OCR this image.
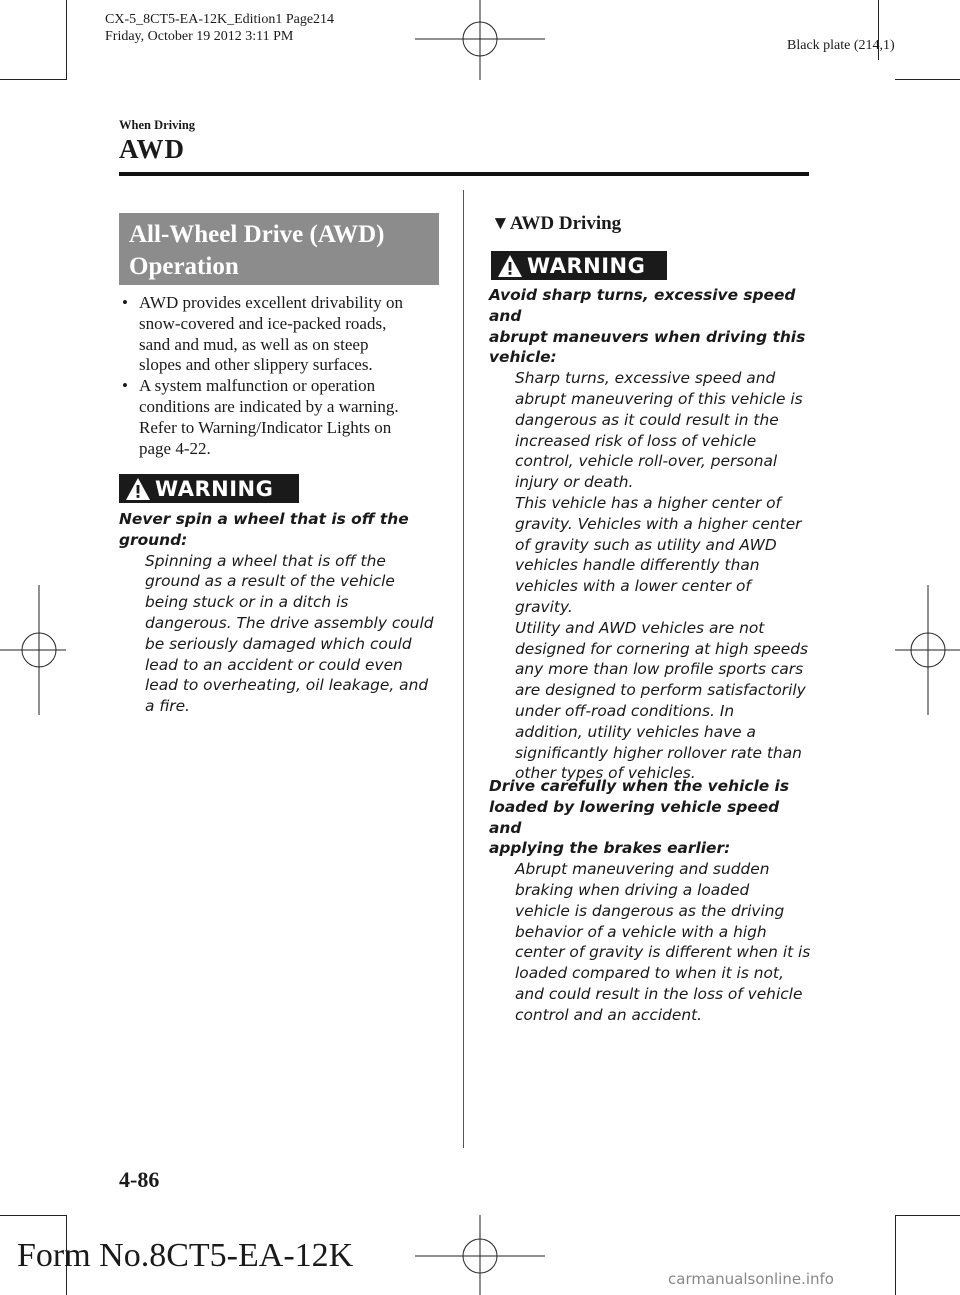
CX-5_8CT5-EA-12K_Edition1 Page214
Friday, October 19 2012 3:11 PM
Black plate (214,1)
When Driving
AWD
All-Wheel Drive (AWD)
Operation
• AWD provides excellent drivability on
snow-covered and ice-packed roads,
sand and mud, as well as on steep
slopes and other slippery surfaces.
• A system malfunction or operation
conditions are indicated by a warning.
Refer to Warning/Indicator Lights on
page 4-22.
WARNING
Never spin a wheel that is off the
ground:
Spinning a wheel that is off the
ground as a result of the vehicle
being stuck or in a ditch is
dangerous. The drive assembly could
be seriously damaged which could
lead to an accident or could even
lead to overheating, oil leakage, and
a fire.
▼AWD Driving
WARNING
Avoid sharp turns, excessive speed and
abrupt maneuvers when driving this
vehicle:
Sharp turns, excessive speed and
abrupt maneuvering of this vehicle is
dangerous as it could result in the
increased risk of loss of vehicle
control, vehicle roll-over, personal
injury or death.
This vehicle has a higher center of
gravity. Vehicles with a higher center
of gravity such as utility and AWD
vehicles handle differently than
vehicles with a lower center of
gravity.
Utility and AWD vehicles are not
designed for cornering at high speeds
any more than low profile sports cars
are designed to perform satisfactorily
under off-road conditions. In
addition, utility vehicles have a
significantly higher rollover rate than
other types of vehicles.
Drive carefully when the vehicle is
loaded by lowering vehicle speed and
applying the brakes earlier:
Abrupt maneuvering and sudden
braking when driving a loaded
vehicle is dangerous as the driving
behavior of a vehicle with a high
center of gravity is different when it is
loaded compared to when it is not,
and could result in the loss of vehicle
control and an accident.
4-86
Form No.8CT5-EA-12K
carmanualsonline.info
